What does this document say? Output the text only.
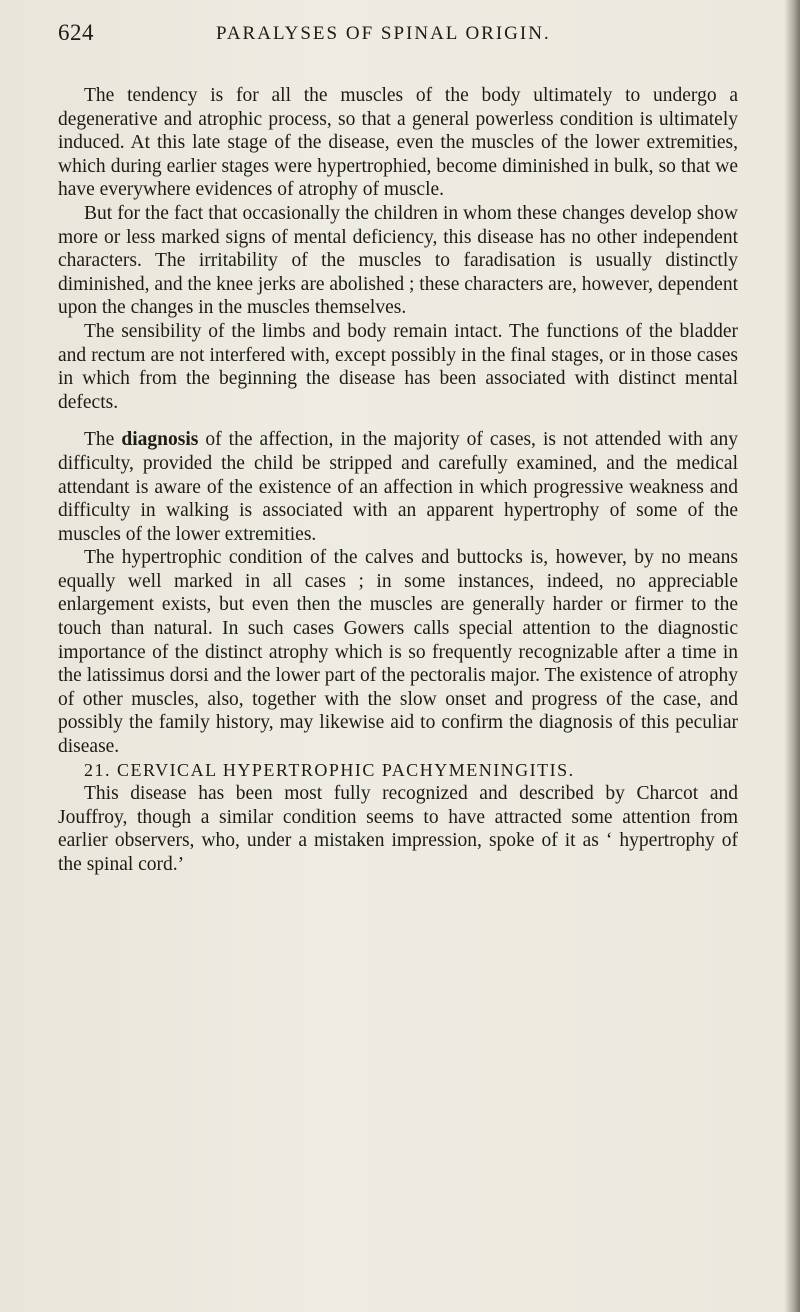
624	PARALYSES OF SPINAL ORIGIN.

The tendency is for all the muscles of the body ultimately to undergo a degenerative and atrophic process, so that a general powerless condition is ultimately induced. At this late stage of the disease, even the muscles of the lower extremities, which during earlier stages were hypertrophied, become diminished in bulk, so that we have everywhere evidences of atrophy of muscle.

But for the fact that occasionally the children in whom these changes develop show more or less marked signs of mental deficiency, this disease has no other independent characters. The irritability of the muscles to faradisation is usually distinctly diminished, and the knee jerks are abolished ; these characters are, however, dependent upon the changes in the muscles themselves.

The sensibility of the limbs and body remain intact. The functions of the bladder and rectum are not interfered with, except possibly in the final stages, or in those cases in which from the beginning the disease has been associated with distinct mental defects.

The diagnosis of the affection, in the majority of cases, is not attended with any difficulty, provided the child be stripped and carefully examined, and the medical attendant is aware of the existence of an affection in which progressive weakness and difficulty in walking is associated with an apparent hypertrophy of some of the muscles of the lower extremities.

The hypertrophic condition of the calves and buttocks is, however, by no means equally well marked in all cases ; in some instances, indeed, no appreciable enlargement exists, but even then the muscles are generally harder or firmer to the touch than natural. In such cases Gowers calls special attention to the diagnostic importance of the distinct atrophy which is so frequently recognizable after a time in the latissimus dorsi and the lower part of the pectoralis major. The existence of atrophy of other muscles, also, together with the slow onset and progress of the case, and possibly the family history, may likewise aid to confirm the diagnosis of this peculiar disease.

21. CERVICAL HYPERTROPHIC PACHYMENINGITIS.

This disease has been most fully recognized and described by Charcot and Jouffroy, though a similar condition seems to have attracted some attention from earlier observers, who, under a mistaken impression, spoke of it as ‘ hypertrophy of the spinal cord.’
